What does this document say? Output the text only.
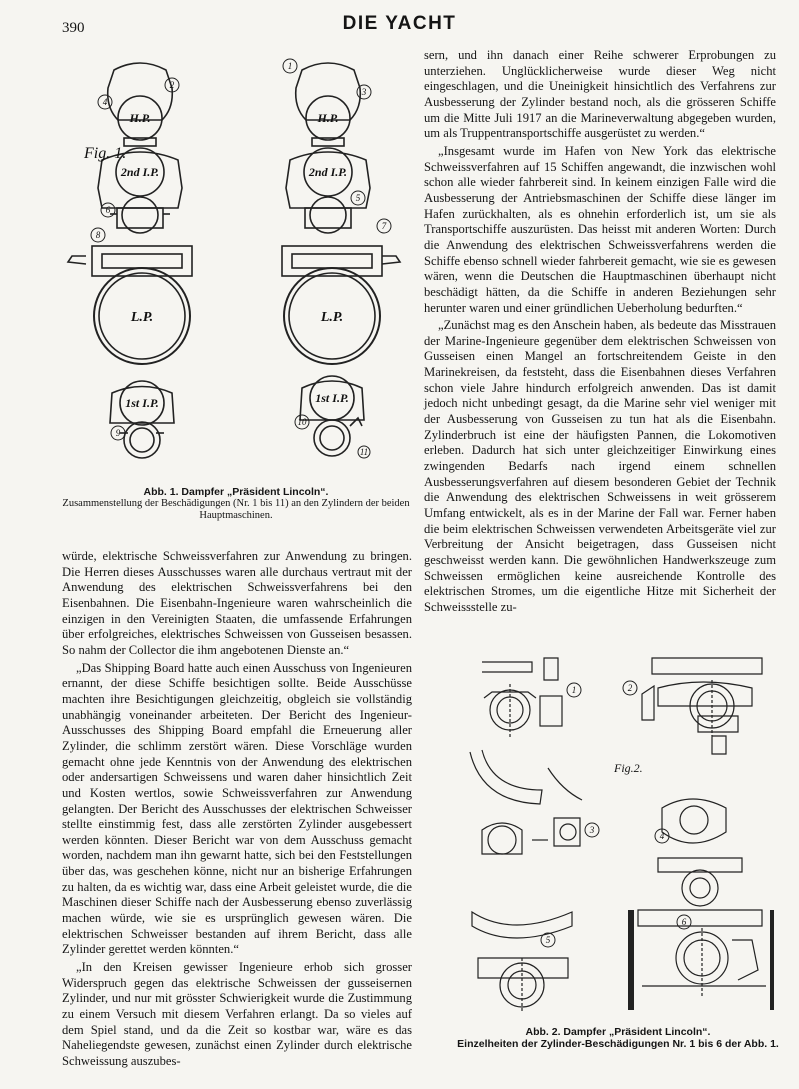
390	DIE YACHT
H.P.	H.P.
2nd I.P.	2nd I.P.
L.P.	L.P.
1st I.P.	1st I.P.
Fig. 1.
1
2
3
4
5
6
7
8
9
10
11
Abb. 1. Dampfer „Präsident Lincoln“.
Zusammenstellung der Beschädigungen (Nr. 1 bis 11) an den Zylindern der beiden Hauptmaschinen.

sern, und ihn danach einer Reihe schwerer Erprobungen zu unterziehen. Unglücklicherweise wurde dieser Weg nicht eingeschlagen, und die Uneinigkeit hinsichtlich des Verfahrens zur Ausbesserung der Zylinder bestand noch, als die grösseren Schiffe um die Mitte Juli 1917 an die Marineverwaltung abgegeben wurden, um als Truppentransportschiffe ausgerüstet zu werden.“

„Insgesamt wurde im Hafen von New York das elektrische Schweissverfahren auf 15 Schiffen angewandt, die inzwischen wohl schon alle wieder fahrbereit sind. In keinem einzigen Falle wird die Ausbesserung der Antriebsmaschinen der Schiffe diese länger im Hafen zurückhalten, als es ohnehin erforderlich ist, um sie als Transportschiffe auszurüsten. Das heisst mit anderen Worten: Durch die Anwendung des elektrischen Schweissverfahrens werden die Schiffe ebenso schnell wieder fahrbereit gemacht, wie sie es gewesen wären, wenn die Deutschen die Hauptmaschinen überhaupt nicht beschädigt hätten, da die Schiffe in anderen Beziehungen sehr herunter waren und einer gründlichen Ueberholung bedurften.“

„Zunächst mag es den Anschein haben, als bedeute das Misstrauen der Marine-Ingenieure gegenüber dem elektrischen Schweissen von Gusseisen einen Mangel an fortschreitendem Geiste in den Marinekreisen, da feststeht, dass die Eisenbahnen dieses Verfahren schon viele Jahre hindurch erfolgreich anwenden. Das ist damit jedoch nicht unbedingt gesagt, da die Marine sehr viel weniger mit der Ausbesserung von Gusseisen zu tun hat als die Eisenbahn. Zylinderbruch ist eine der häufigsten Pannen, die Lokomotiven erleben. Dadurch hat sich unter gleichzeitiger Einwirkung eines zwingenden Bedarfs nach irgend einem schnellen Ausbesserungsverfahren auf diesem besonderen Gebiet der Technik die Anwendung des elektrischen Schweissens in weit grösserem Umfang entwickelt, als es in der Marine der Fall war. Ferner haben die beim elektrischen Schweissen verwendeten Arbeitsgeräte viel zur Verbreitung der Ansicht beigetragen, dass Gusseisen nicht geschweisst werden kann. Die gewöhnlichen Handwerkszeuge zum Schweissen ermöglichen keine ausreichende Kontrolle des elektrischen Stromes, um die eigentliche Hitze mit Sicherheit der Schweissstelle zu-

würde, elektrische Schweissverfahren zur Anwendung zu bringen. Die Herren dieses Ausschusses waren alle durchaus vertraut mit der Anwendung des elektrischen Schweissverfahrens bei den Eisenbahnen. Die Eisenbahn-Ingenieure waren wahrscheinlich die einzigen in den Vereinigten Staaten, die umfassende Erfahrungen über erfolgreiches, elektrisches Schweissen von Gusseisen besassen. So nahm der Collector die ihm angebotenen Dienste an.“

„Das Shipping Board hatte auch einen Ausschuss von Ingenieuren ernannt, der diese Schiffe besichtigen sollte. Beide Ausschüsse machten ihre Besichtigungen gleichzeitig, obgleich sie vollständig unabhängig voneinander arbeiteten. Der Bericht des Ingenieur-Ausschusses des Shipping Board empfahl die Erneuerung aller Zylinder, die schlimm zerstört wären. Diese Vorschläge wurden gemacht ohne jede Kenntnis von der Anwendung des elektrischen oder andersartigen Schweissens und waren daher hinsichtlich Zeit und Kosten wertlos, sowie Schweissverfahren zur Anwendung gelangten. Der Bericht des Ausschusses der elektrischen Schweisser stellte einstimmig fest, dass alle zerstörten Zylinder ausgebessert werden könnten. Dieser Bericht war von dem Ausschuss gemacht worden, nachdem man ihn gewarnt hatte, sich bei den Feststellungen über das, was geschehen könne, nicht nur an bisherige Erfahrungen zu halten, da es wichtig war, dass eine Arbeit geleistet wurde, die die Maschinen dieser Schiffe nach der Ausbesserung ebenso zuverlässig machen würde, wie sie es ursprünglich gewesen wären. Die elektrischen Schweisser bestanden auf ihrem Bericht, dass alle Zylinder gerettet werden könnten.“

„In den Kreisen gewisser Ingenieure erhob sich grosser Widerspruch gegen das elektrische Schweissen der gusseisernen Zylinder, und nur mit grösster Schwierigkeit wurde die Zustimmung zu einem Versuch mit diesem Verfahren erlangt. Da so vieles auf dem Spiel stand, und da die Zeit so kostbar war, wäre es das Naheliegendste gewesen, zunächst einen Zylinder durch elektrische Schweissung auszubes-

Fig.2.
1	2
3
4
5
6
Abb. 2. Dampfer „Präsident Lincoln“.
Einzelheiten der Zylinder-Beschädigungen Nr. 1 bis 6 der Abb. 1.
